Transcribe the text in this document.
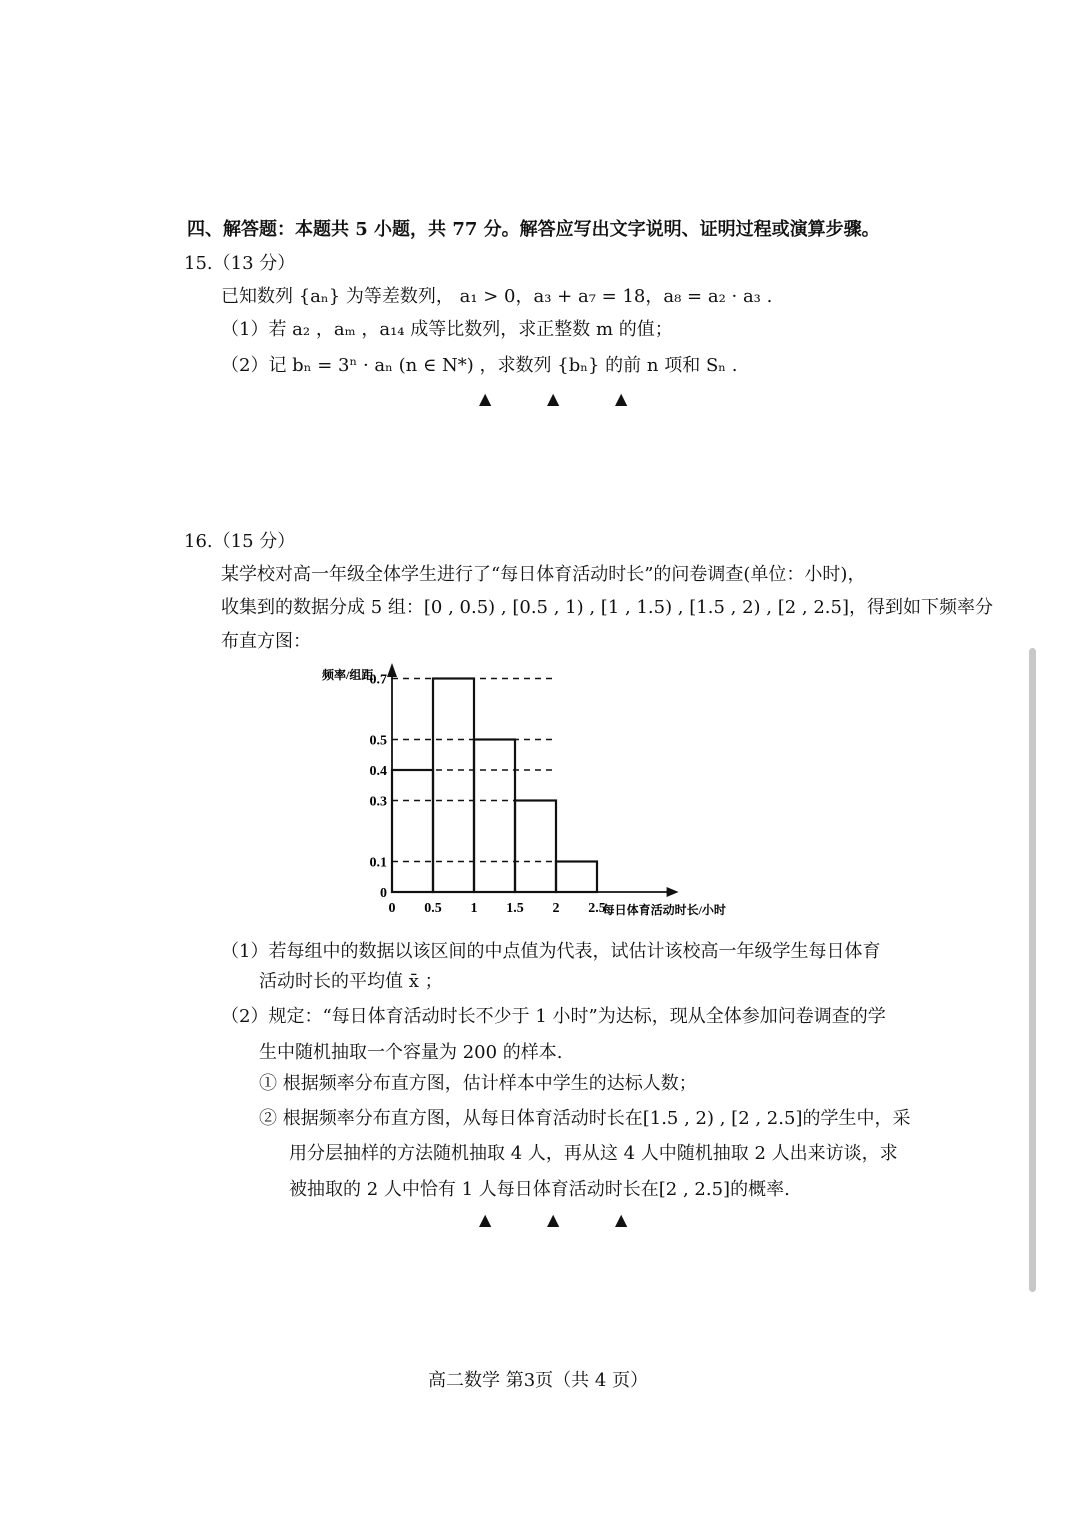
四、解答题：本题共 5 小题，共 77 分。解答应写出文字说明、证明过程或演算步骤。
15.（13 分）
已知数列 {aₙ} 为等差数列， a₁ > 0，a₃ + a₇ = 18，a₈ = a₂ · a₃ .
（1）若 a₂ ，aₘ ，a₁₄ 成等比数列，求正整数 m 的值；
（2）记 bₙ = 3ⁿ · aₙ (n ∈ N*) ，求数列 {bₙ} 的前 n 项和 Sₙ .
▲	▲	▲
16.（15 分）
某学校对高一年级全体学生进行了“每日体育活动时长”的问卷调查(单位：小时)，
收集到的数据分成 5 组：[0 , 0.5) , [0.5 , 1) , [1 , 1.5) , [1.5 , 2) , [2 , 2.5]，得到如下频率分
布直方图：
0 0.5 1 1.5 2 2.5
0
0.1
0.3
0.4
0.5
0.7
频率/组距
每日体育活动时长/小时
（1）若每组中的数据以该区间的中点值为代表，试估计该校高一年级学生每日体育
活动时长的平均值 x̄ ；
（2）规定：“每日体育活动时长不少于 1 小时”为达标，现从全体参加问卷调查的学
生中随机抽取一个容量为 200 的样本.
① 根据频率分布直方图，估计样本中学生的达标人数；
② 根据频率分布直方图，从每日体育活动时长在[1.5 , 2) , [2 , 2.5]的学生中，采
用分层抽样的方法随机抽取 4 人，再从这 4 人中随机抽取 2 人出来访谈，求
被抽取的 2 人中恰有 1 人每日体育活动时长在[2 , 2.5]的概率.
▲	▲	▲
高二数学 第3页（共 4 页）
